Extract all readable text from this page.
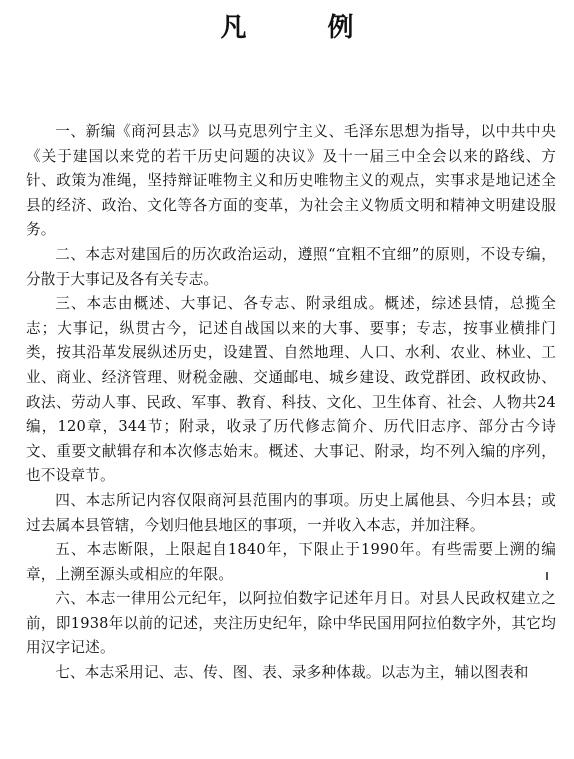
凡 例

一、新编《商河县志》以马克思列宁主义、毛泽东思想为指导，以中共中央《关于建国以来党的若干历史问题的决议》及十一届三中全会以来的路线、方针、政策为准绳，坚持辩证唯物主义和历史唯物主义的观点，实事求是地记述全县的经济、政治、文化等各方面的变革，为社会主义物质文明和精神文明建设服务。

二、本志对建国后的历次政治运动，遵照“宜粗不宜细”的原则，不设专编，分散于大事记及各有关专志。

三、本志由概述、大事记、各专志、附录组成。概述，综述县情，总揽全志；大事记，纵贯古今，记述自战国以来的大事、要事；专志，按事业横排门类，按其沿革发展纵述历史，设建置、自然地理、人口、水利、农业、林业、工业、商业、经济管理、财税金融、交通邮电、城乡建设、政党群团、政权政协、政法、劳动人事、民政、军事、教育、科技、文化、卫生体育、社会、人物共24编，120章，344节；附录，收录了历代修志简介、历代旧志序、部分古今诗文、重要文献辑存和本次修志始末。概述、大事记、附录，均不列入编的序列，也不设章节。

四、本志所记内容仅限商河县范围内的事项。历史上属他县、今归本县；或过去属本县管辖，今划归他县地区的事项，一并收入本志，并加注释。

五、本志断限，上限起自1840年，下限止于1990年。有些需要上溯的编章，上溯至源头或相应的年限。

六、本志一律用公元纪年，以阿拉伯数字记述年月日。对县人民政权建立之前，即1938年以前的记述，夹注历史纪年，除中华民国用阿拉伯数字外，其它均用汉字记述。

七、本志采用记、志、传、图、表、录多种体裁。以志为主，辅以图表和
